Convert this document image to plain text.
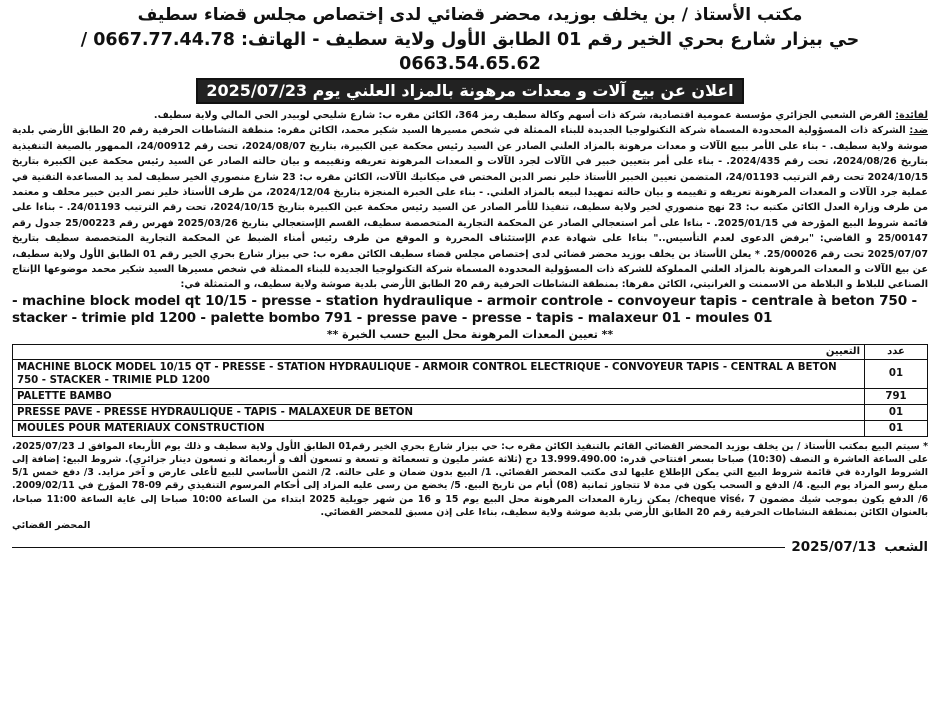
مكتب الأستاذ / بن يخلف بوزيد، محضر قضائي لدى إختصاص مجلس قضاء سطيف
حي بيزار شارع بحري الخير رقم 01 الطابق الأول ولاية سطيف - الهاتف: 0667.77.44.78 / 0663.54.65.62
اعلان عن بيع آلات و معدات مرهونة بالمزاد العلني يوم 2025/07/23

لفائدة: القرض الشعبي الجزائري مؤسسة عمومية اقتصادية، شركة ذات أسهم وكالة سطيف رمز 364، الكائن مقره ب: شارع شليحي لوبيدر الحي المالي ولاية سطيف.

ضد: الشركة ذات المسؤولية المحدودة المسماة شركة التكنولوجيا الجديدة للبناء الممثلة في شخص مسيرها السيد شكير محمد، الكائن مقره: منطقة النشاطات الحرفية رقم 20 الطابق الأرضي بلدية صوشة ولاية سطيف. - بناء على الأمر ببيع الآلات و معدات مرهونة بالمزاد العلني الصادر عن السيد رئيس محكمة عين الكبيرة، بتاريخ 2024/08/07، تحت رقم 24/00912، الممهور بالصيغة التنفيذية بتاريخ 2024/08/26، تحت رقم 2024/435. - بناء على أمر بتعيين خبير في الآلات لجرد الآلات و المعدات المرهونة تعريفه وتقييمه و بيان حالته الصادر عن السيد رئيس محكمة عين الكبيرة بتاريخ 2024/10/15 تحت رقم الترتيب 24/01193، المتضمن تعيين الخبير الأستاذ خلير نصر الدين المختص في ميكانيك الآلات، الكائن مقره ب: 23 شارع منصوري الخير سطيف لمد يد المساعدة التقنية في عملية جرد الآلات و المعدات المرهونة تعريفه و تقييمه و بيان حالته تمهيدا لبيعه بالمزاد العلني. - بناء على الخبرة المنجزة بتاريخ 2024/12/04، من طرف الأستاذ خلير نصر الدين خبير محلف و معتمد من طرف وزارة العدل الكائن مكتبه ب: 23 نهج منصوري لخير ولاية سطيف، تنفيذا للأمر الصادر عن السيد رئيس محكمة عين الكبيرة بتاريخ 2024/10/15، تحت رقم الترتيب 24/01193. - بناءا على قائمة شروط البيع المؤرخة في 2025/01/15. - بناءا على أمر استعجالي الصادر عن المحكمة التجارية المتخصصة سطيف، القسم الإستعجالي بتاريخ 2025/03/26 فهرس رقم 25/00223 جدول رقم 25/00147 و القاضي: "برفض الدعوى لعدم التأسيس.." بناءا على شهادة عدم الإستئناف المحررة و الموقع من طرف رئيس أمناء الضبط عن المحكمة التجارية المتخصصة سطيف بتاريخ 2025/07/07 تحت رقم 25/00026. * يعلن الأستاذ بن يخلف بوزيد محضر قضائي لدى إختصاص مجلس قضاء سطيف الكائن مقره ب: حي بيزار شارع بحري الخير رقم 01 الطابق الأول ولاية سطيف، عن بيع الآلات و المعدات المرهونة بالمزاد العلني المملوكة للشركة ذات المسؤولية المحدودة المسماة شركة التكنولوجيا الجديدة للبناء الممثلة في شخص مسيرها السيد شكير محمد موضوعها الإنتاج الصناعي للبلاط و البلاطة من الاسمنت و الغرانيتي، الكائن مقرها: بمنطقة النشاطات الحرفية رقم 20 الطابق الأرضي بلدية صوشة ولاية سطيف، و المتمثلة في:

- machine block model qt 10/15 - presse - station hydraulique - armoir controle - convoyeur tapis - centrale à beton 750 - stacker - trimie pld 1200 - palette bombo 791 - presse pave - presse - tapis - malaxeur 01 - moules 01
** تعيين المعدات المرهونة محل البيع حسب الخبرة **
عدد	التعيين
01	MACHINE BLOCK MODEL 10/15 QT - PRESSE - STATION HYDRAULIQUE - ARMOIR CONTROL ELECTRIQUE - CONVOYEUR TAPIS - CENTRAL A BETON 750 - STACKER - TRIMIE PLD 1200
791	PALETTE BAMBO
01	PRESSE PAVE - PRESSE HYDRAULIQUE - TAPIS - MALAXEUR DE BETON
01	MOULES POUR MATERIAUX CONSTRUCTION

* سيتم البيع بمكتب الأستاذ / بن يخلف بوزيد المحضر القضائي القائم بالتنفيذ الكائن مقره ب: حي بيزار شارع بحري الخير رقم01 الطابق الأول ولاية سطيف و ذلك يوم الأربعاء الموافق لـ 2025/07/23، على الساعة العاشرة و النصف (10:30) صباحا بسعر افتتاحي قدره: 13.999.490.00 دج (ثلاثة عشر مليون و تسعمائة و تسعة و تسعون ألف و أربعمائة و تسعون دينار جزائري). شروط البيع: إضافة إلى الشروط الواردة في قائمة شروط البيع التي يمكن الإطلاع عليها لدى مكتب المحضر القضائي. 1/ البيع بدون ضمان و على حالته. 2/ الثمن الأساسي للبيع لأعلى عارض و آخر مزايد. 3/ دفع خمس 5/1 مبلغ رسو المزاد يوم البيع. 4/ الدفع و السحب يكون في مدة لا تتجاوز ثمانية (08) أيام من تاريخ البيع. 5/ يخضع من رسى عليه المزاد إلى أحكام المرسوم التنفيذي رقم 09-78 المؤرخ في 2009/02/11. 6/ الدفع يكون بموجب شيك مضمون cheque visé، 7/ يمكن زيارة المعدات المرهونة محل البيع يوم 15 و 16 من شهر جويلية 2025 ابتداء من الساعة 10:00 صباحا إلى غاية الساعة 11:00 صباحا، بالعنوان الكائن بمنطقة النشاطات الحرفية رقم 20 الطابق الأرضي بلدية صوشة ولاية سطيف، بناءا على إذن مسبق للمحضر القضائي.

المحضر القضائي
2025/07/13 الشعب
